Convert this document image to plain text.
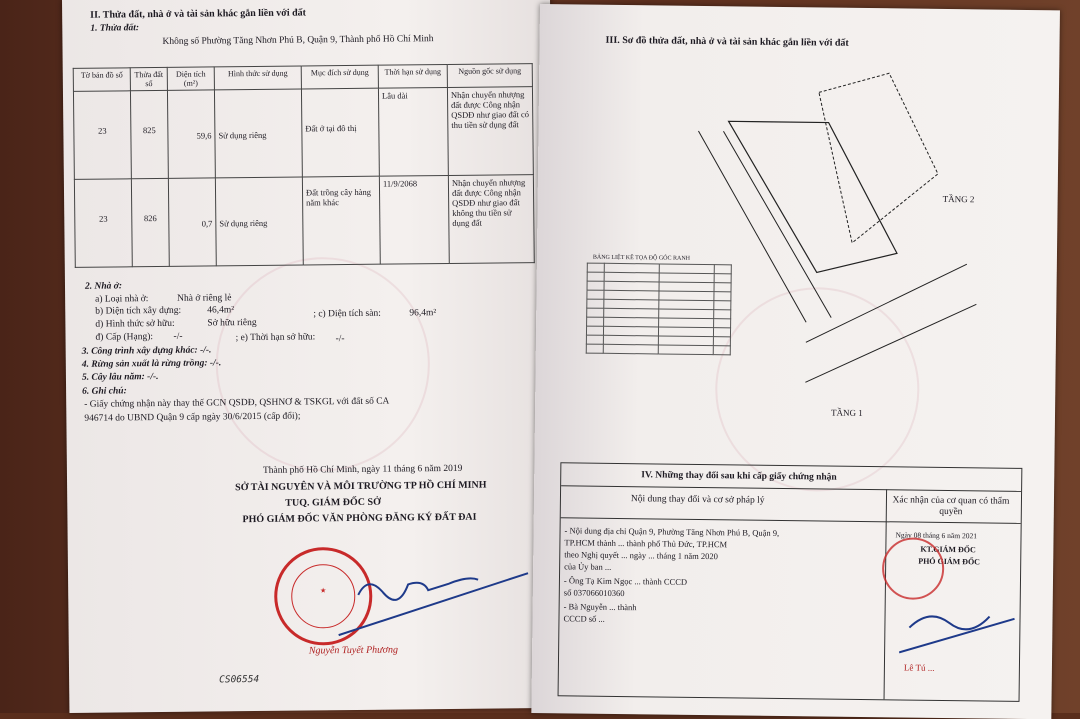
II. Thửa đất, nhà ở và tài sản khác gắn liền với đất
1. Thửa đất:
Không số Phường Tăng Nhơn Phú B, Quận 9, Thành phố Hồ Chí Minh
Tờ bản đồ số	Thửa đất số	Diện tích (m²)	Hình thức sử dụng	Mục đích sử dụng	Thời hạn sử dụng	Nguồn gốc sử dụng
23	825	59,6	Sử dụng riêng	Đất ở tại đô thị	Lâu dài	Nhận chuyển nhượng đất được Công nhận QSDĐ như giao đất có thu tiền sử dụng đất
23	826	0,7	Sử dụng riêng	Đất trồng cây hàng năm khác	11/9/2068	Nhận chuyển nhượng đất được Công nhận QSDĐ như giao đất không thu tiền sử dụng đất
2. Nhà ở:
a) Loại nhà ở:	Nhà ở riêng lẻ
b) Diện tích xây dựng:	46,4m²	; c) Diện tích sàn:	96,4m²
d) Hình thức sở hữu:	Sở hữu riêng
đ) Cấp (Hạng): -/-	; e) Thời hạn sở hữu: -/-
3. Công trình xây dựng khác: -/-.
4. Rừng sản xuất là rừng trồng: -/-.
5. Cây lâu năm: -/-.
6. Ghi chú:
- Giấy chứng nhận này thay thế GCN QSDĐ, QSHNƠ & TSKGL với đất số CA
946714 do UBND Quận 9 cấp ngày 30/6/2015 (cấp đổi);
Thành phố Hồ Chí Minh, ngày 11 tháng 6 năm 2019
SỞ TÀI NGUYÊN VÀ MÔI TRƯỜNG TP HỒ CHÍ MINH
TUQ. GIÁM ĐỐC SỞ
PHÓ GIÁM ĐỐC VĂN PHÒNG ĐĂNG KÝ ĐẤT ĐAI
★
Nguyễn Tuyết Phương
CS06554
III. Sơ đồ thửa đất, nhà ở và tài sản khác gắn liền với đất
TẦNG 2
TẦNG 1
BẢNG LIỆT KÊ TỌA ĐỘ GÓC RANH

IV. Những thay đổi sau khi cấp giấy chứng nhận
Nội dung thay đổi và cơ sở pháp lý	Xác nhận của cơ quan có thẩm quyền
- Nội dung địa chỉ Quận 9, Phường Tăng Nhơn Phú B, Quận 9,
TP.HCM thành ... thành phố Thủ Đức, TP.HCM
theo Nghị quyết ... ngày ... tháng 1 năm 2020
của Ủy ban ...
- Ông Tạ Kim Ngọc ... thành CCCD
số 037066010360
- Bà Nguyễn ... thành
CCCD số ...
Ngày 08 tháng 6 năm 2021
KT.GIÁM ĐỐC
PHÓ GIÁM ĐỐC
Lê Tú ...
